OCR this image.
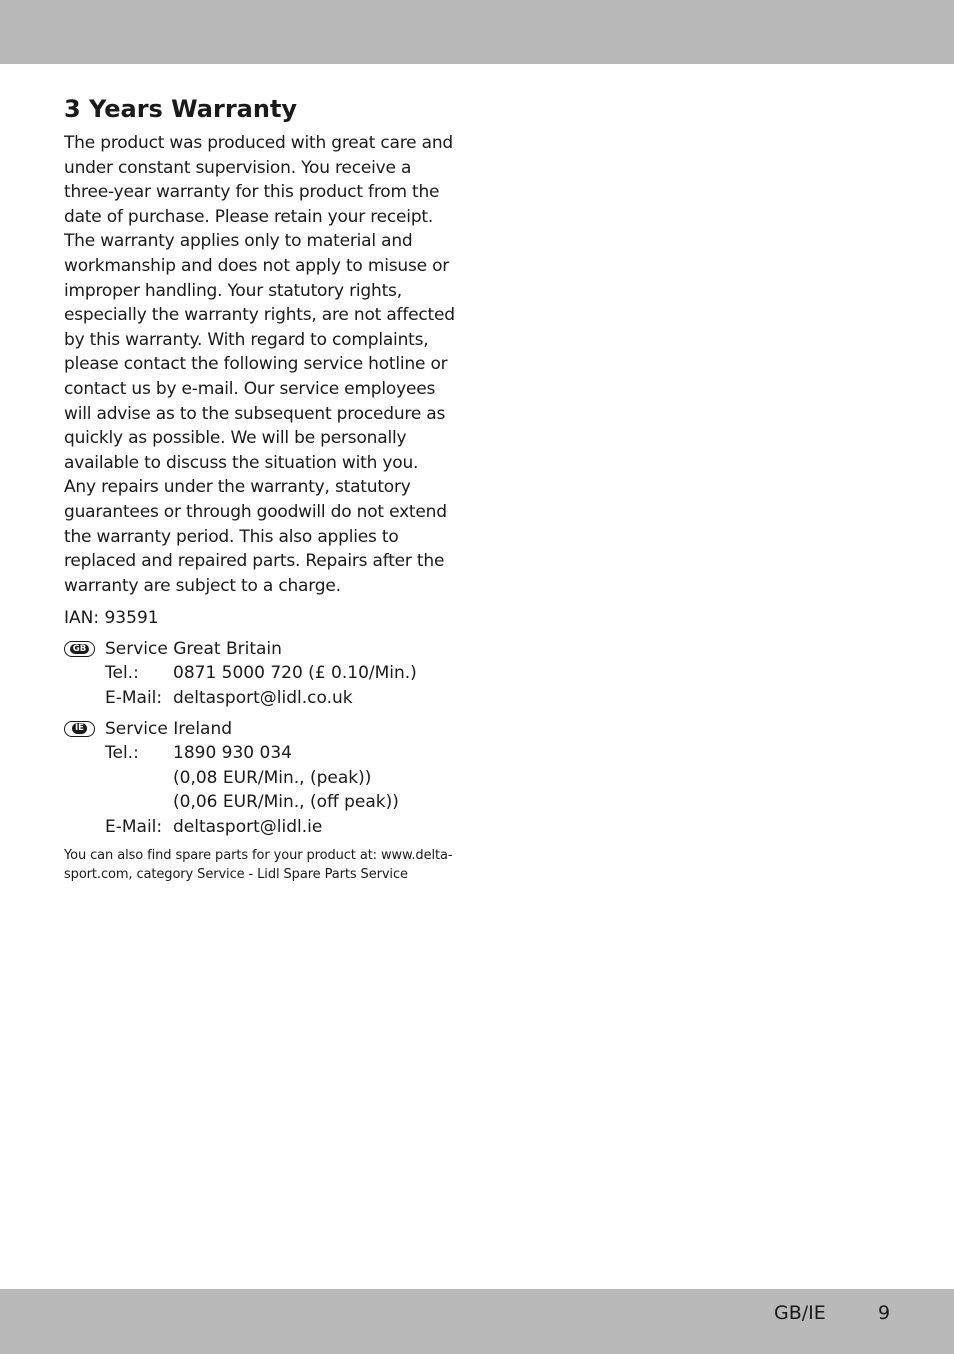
3 Years Warranty

The product was produced with great care and under constant supervision. You receive a three-year warranty for this product from the date of purchase. Please retain your receipt.

The warranty applies only to material and workmanship and does not apply to misuse or improper handling. Your statutory rights, especially the warranty rights, are not affected by this warranty. With regard to complaints, please contact the following service hotline or contact us by e-mail. Our service employees will advise as to the subsequent procedure as quickly as possible. We will be personally available to discuss the situation with you.

Any repairs under the warranty, statutory guarantees or through goodwill do not extend the warranty period. This also applies to replaced and repaired parts. Repairs after the warranty are subject to a charge.

IAN: 93591
GB Service Great Britain
Tel.:	0871 5000 720 (£ 0.10/Min.)
E-Mail: deltasport@lidl.co.uk
IE Service Ireland
Tel.:	1890 930 034
(0,08 EUR/Min., (peak))
(0,06 EUR/Min., (off peak))
E-Mail: deltasport@lidl.ie
You can also find spare parts for your product at: www.delta-sport.com, category Service - Lidl Spare Parts Service
GB/IE	9
